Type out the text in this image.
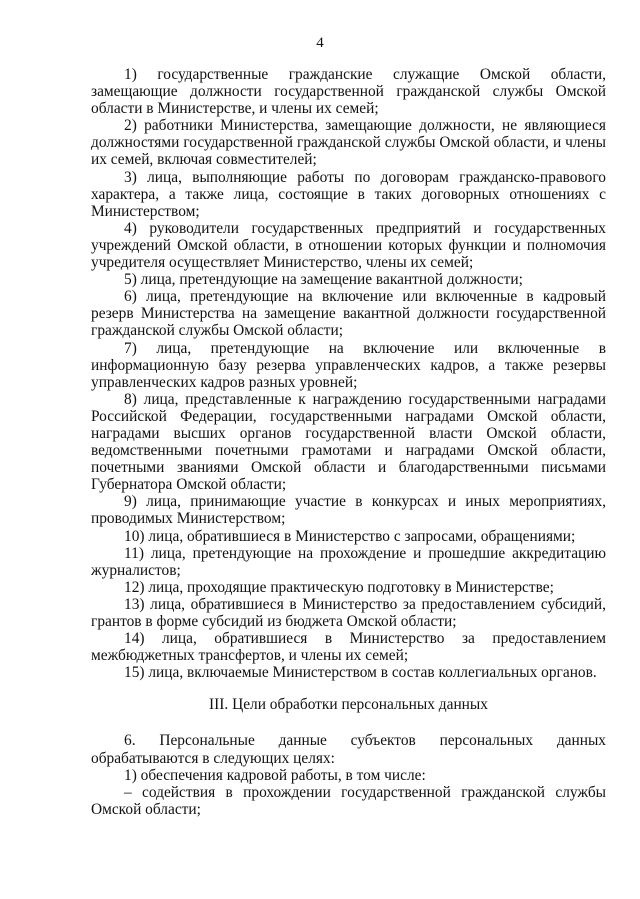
4

1) государственные гражданские служащие Омской области, замещающие должности государственной гражданской службы Омской области в Министерстве, и члены их семей;

2) работники Министерства, замещающие должности, не являющиеся должностями государственной гражданской службы Омской области, и члены их семей, включая совместителей;

3) лица, выполняющие работы по договорам гражданско-правового характера, а также лица, состоящие в таких договорных отношениях с Министерством;

4) руководители государственных предприятий и государственных учреждений Омской области, в отношении которых функции и полномочия учредителя осуществляет Министерство, члены их семей;

5) лица, претендующие на замещение вакантной должности;

6) лица, претендующие на включение или включенные в кадровый резерв Министерства на замещение вакантной должности государственной гражданской службы Омской области;

7) лица, претендующие на включение или включенные в информационную базу резерва управленческих кадров, а также резервы управленческих кадров разных уровней;

8) лица, представленные к награждению государственными наградами Российской Федерации, государственными наградами Омской области, наградами высших органов государственной власти Омской области, ведомственными почетными грамотами и наградами Омской области, почетными званиями Омской области и благодарственными письмами Губернатора Омской области;

9) лица, принимающие участие в конкурсах и иных мероприятиях, проводимых Министерством;

10) лица, обратившиеся в Министерство с запросами, обращениями;

11) лица, претендующие на прохождение и прошедшие аккредитацию журналистов;

12) лица, проходящие практическую подготовку в Министерстве;

13) лица, обратившиеся в Министерство за предоставлением субсидий, грантов в форме субсидий из бюджета Омской области;

14) лица, обратившиеся в Министерство за предоставлением межбюджетных трансфертов, и члены их семей;

15) лица, включаемые Министерством в состав коллегиальных органов.

III. Цели обработки персональных данных

6. Персональные данные субъектов персональных данных обрабатываются в следующих целях:

1) обеспечения кадровой работы, в том числе:

– содействия в прохождении государственной гражданской службы Омской области;
